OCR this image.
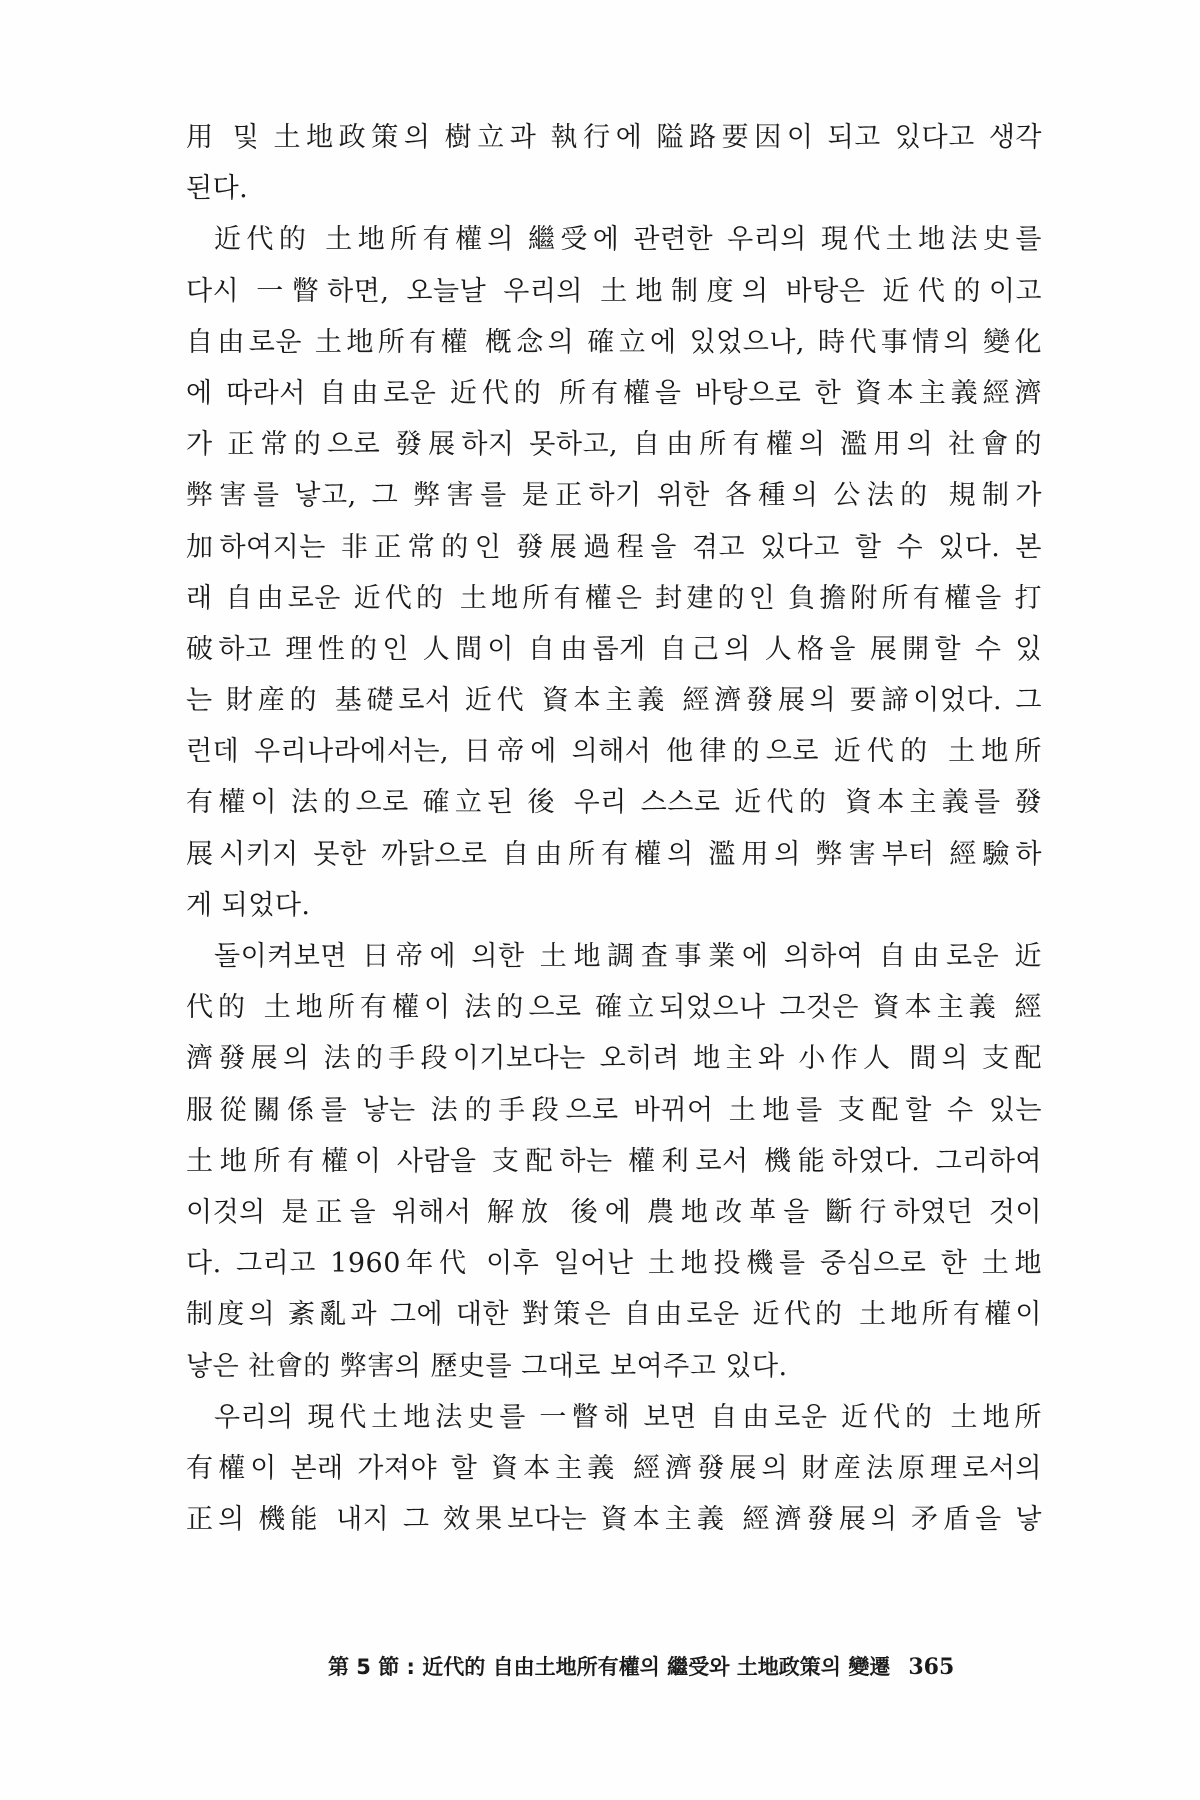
用 및 土地政策의 樹立과 執行에 隘路要因이 되고 있다고 생각
된다.
近代的 土地所有權의 繼受에 관련한 우리의 現代土地法史를
다시 一瞥하면, 오늘날 우리의 土地制度의 바탕은 近代的이고
自由로운 土地所有權 槪念의 確立에 있었으나, 時代事情의 變化
에 따라서 自由로운 近代的 所有權을 바탕으로 한 資本主義經濟
가 正常的으로 發展하지 못하고, 自由所有權의 濫用의 社會的
弊害를 낳고, 그 弊害를 是正하기 위한 各種의 公法的 規制가
加하여지는 非正常的인 發展過程을 겪고 있다고 할 수 있다. 본
래 自由로운 近代的 土地所有權은 封建的인 負擔附所有權을 打
破하고 理性的인 人間이 自由롭게 自己의 人格을 展開할 수 있
는 財産的 基礎로서 近代 資本主義 經濟發展의 要諦이었다. 그
런데 우리나라에서는, 日帝에 의해서 他律的으로 近代的 土地所
有權이 法的으로 確立된 後 우리 스스로 近代的 資本主義를 發
展시키지 못한 까닭으로 自由所有權의 濫用의 弊害부터 經驗하
게 되었다.
돌이켜보면 日帝에 의한 土地調査事業에 의하여 自由로운 近
代的 土地所有權이 法的으로 確立되었으나 그것은 資本主義 經
濟發展의 法的手段이기보다는 오히려 地主와 小作人 間의 支配
服從關係를 낳는 法的手段으로 바뀌어 土地를 支配할 수 있는
土地所有權이 사람을 支配하는 權利로서 機能하였다. 그리하여
이것의 是正을 위해서 解放 後에 農地改革을 斷行하였던 것이
다. 그리고 1960年代 이후 일어난 土地投機를 중심으로 한 土地
制度의 紊亂과 그에 대한 對策은 自由로운 近代的 土地所有權이
낳은 社會的 弊害의 歷史를 그대로 보여주고 있다.
우리의 現代土地法史를 一瞥해 보면 自由로운 近代的 土地所
有權이 본래 가져야 할 資本主義 經濟發展의 財産法原理로서의
正의 機能 내지 그 效果보다는 資本主義 經濟發展의 矛盾을 낳
第 5 節 : 近代的 自由土地所有權의 繼受와 土地政策의 變遷 365
